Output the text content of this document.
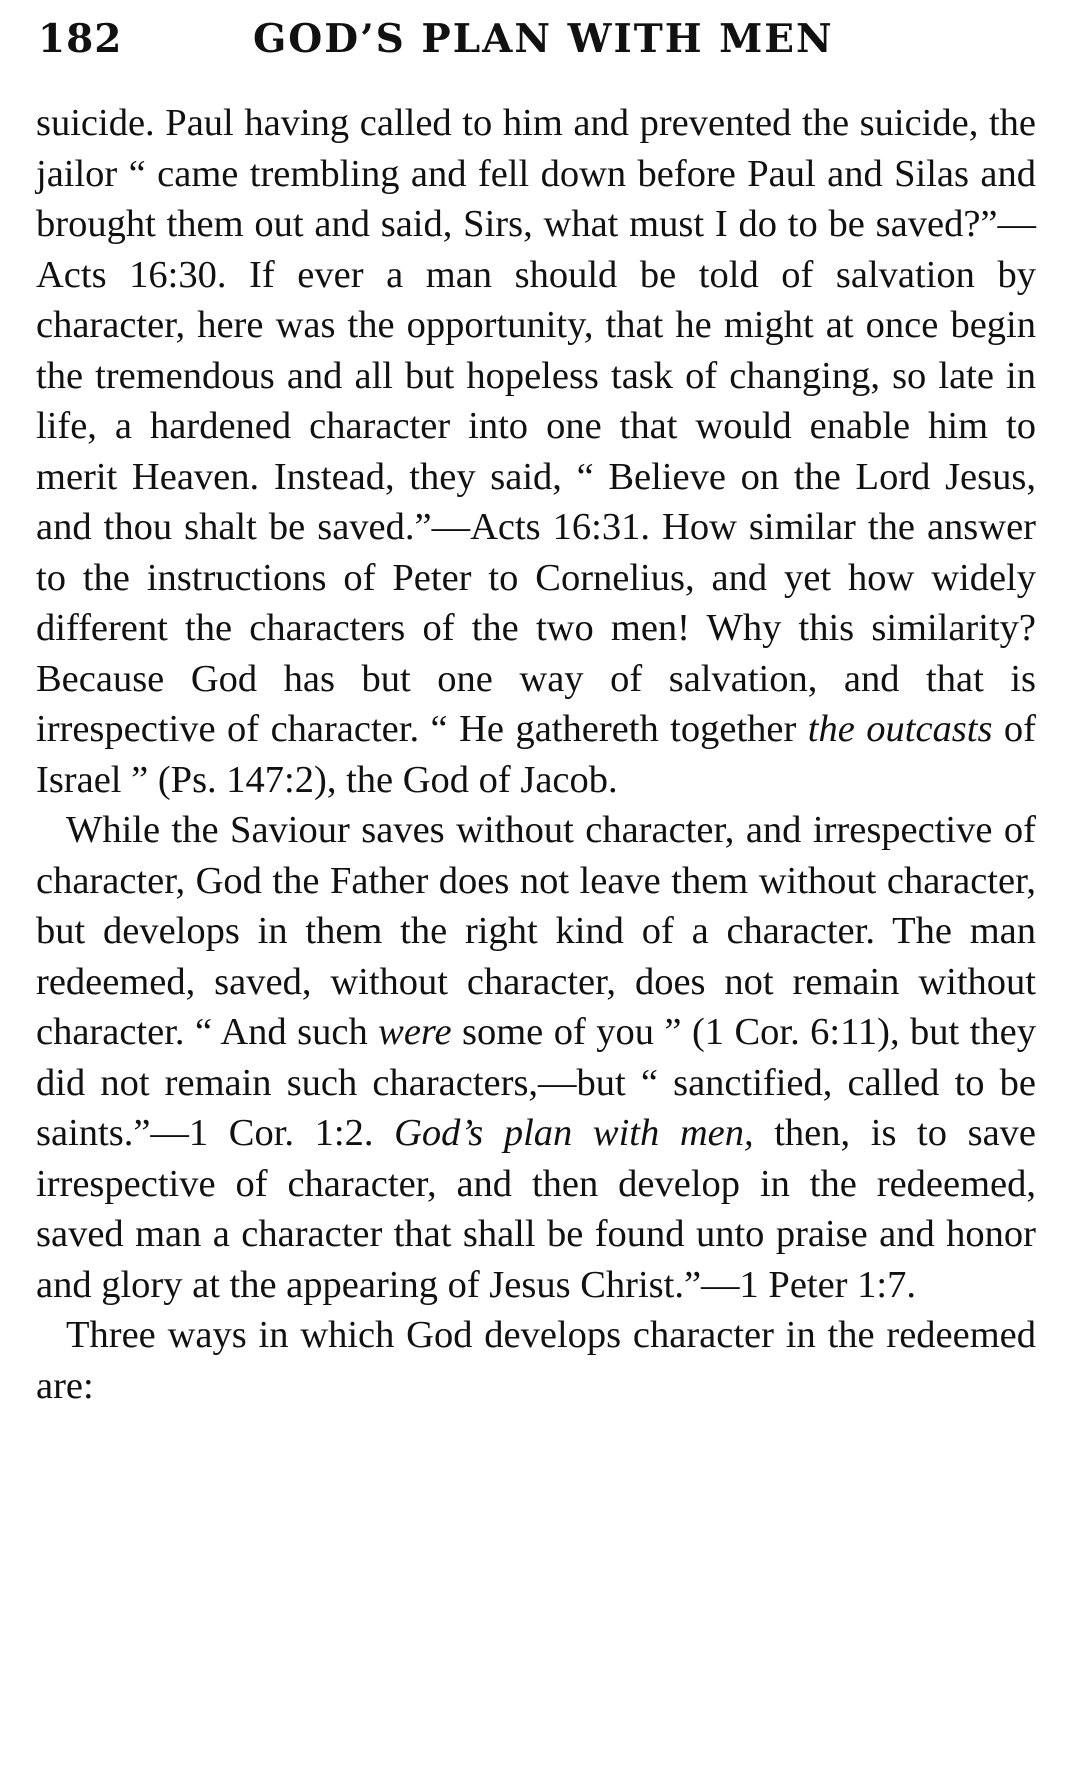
182	GOD’S PLAN WITH MEN

suicide. Paul having called to him and prevented the suicide, the jailor “ came trembling and fell down before Paul and Silas and brought them out and said, Sirs, what must I do to be saved?”—Acts 16:30. If ever a man should be told of salvation by character, here was the opportunity, that he might at once begin the tremendous and all but hopeless task of changing, so late in life, a hardened character into one that would enable him to merit Heaven. Instead, they said, “ Believe on the Lord Jesus, and thou shalt be saved.”—Acts 16:31. How similar the answer to the instructions of Peter to Cornelius, and yet how widely different the characters of the two men! Why this similarity? Because God has but one way of salvation, and that is irrespective of character. “ He gathereth together the outcasts of Israel ” (Ps. 147:2), the God of Jacob.

While the Saviour saves without character, and irrespective of character, God the Father does not leave them without character, but develops in them the right kind of a character. The man redeemed, saved, without character, does not remain without character. “ And such were some of you ” (1 Cor. 6:11), but they did not remain such characters,—but “ sanctified, called to be saints.”—1 Cor. 1:2. God’s plan with men, then, is to save irrespective of character, and then develop in the redeemed, saved man a character that shall be found unto praise and honor and glory at the appearing of Jesus Christ.”—1 Peter 1:7.

Three ways in which God develops character in the redeemed are:
